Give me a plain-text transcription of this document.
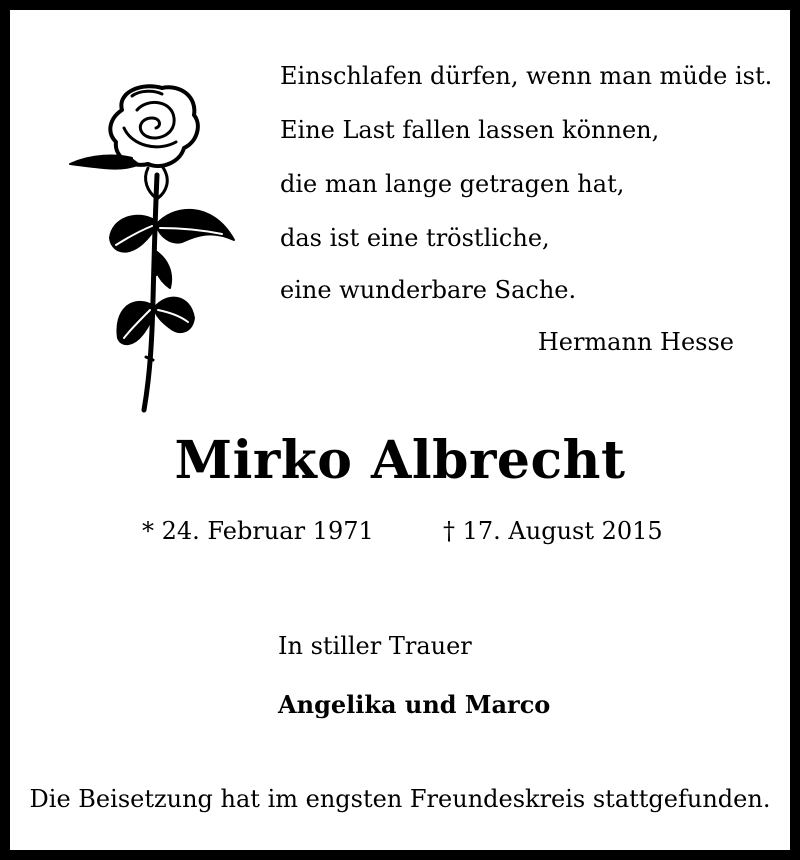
Einschlafen dürfen, wenn man müde ist.
Eine Last fallen lassen können,
die man lange getragen hat,
das ist eine tröstliche,
eine wunderbare Sache.
Hermann Hesse
Mirko Albrecht
* 24. Februar 1971	† 17. August 2015
In stiller Trauer
Angelika und Marco
Die Beisetzung hat im engsten Freundeskreis stattgefunden.
